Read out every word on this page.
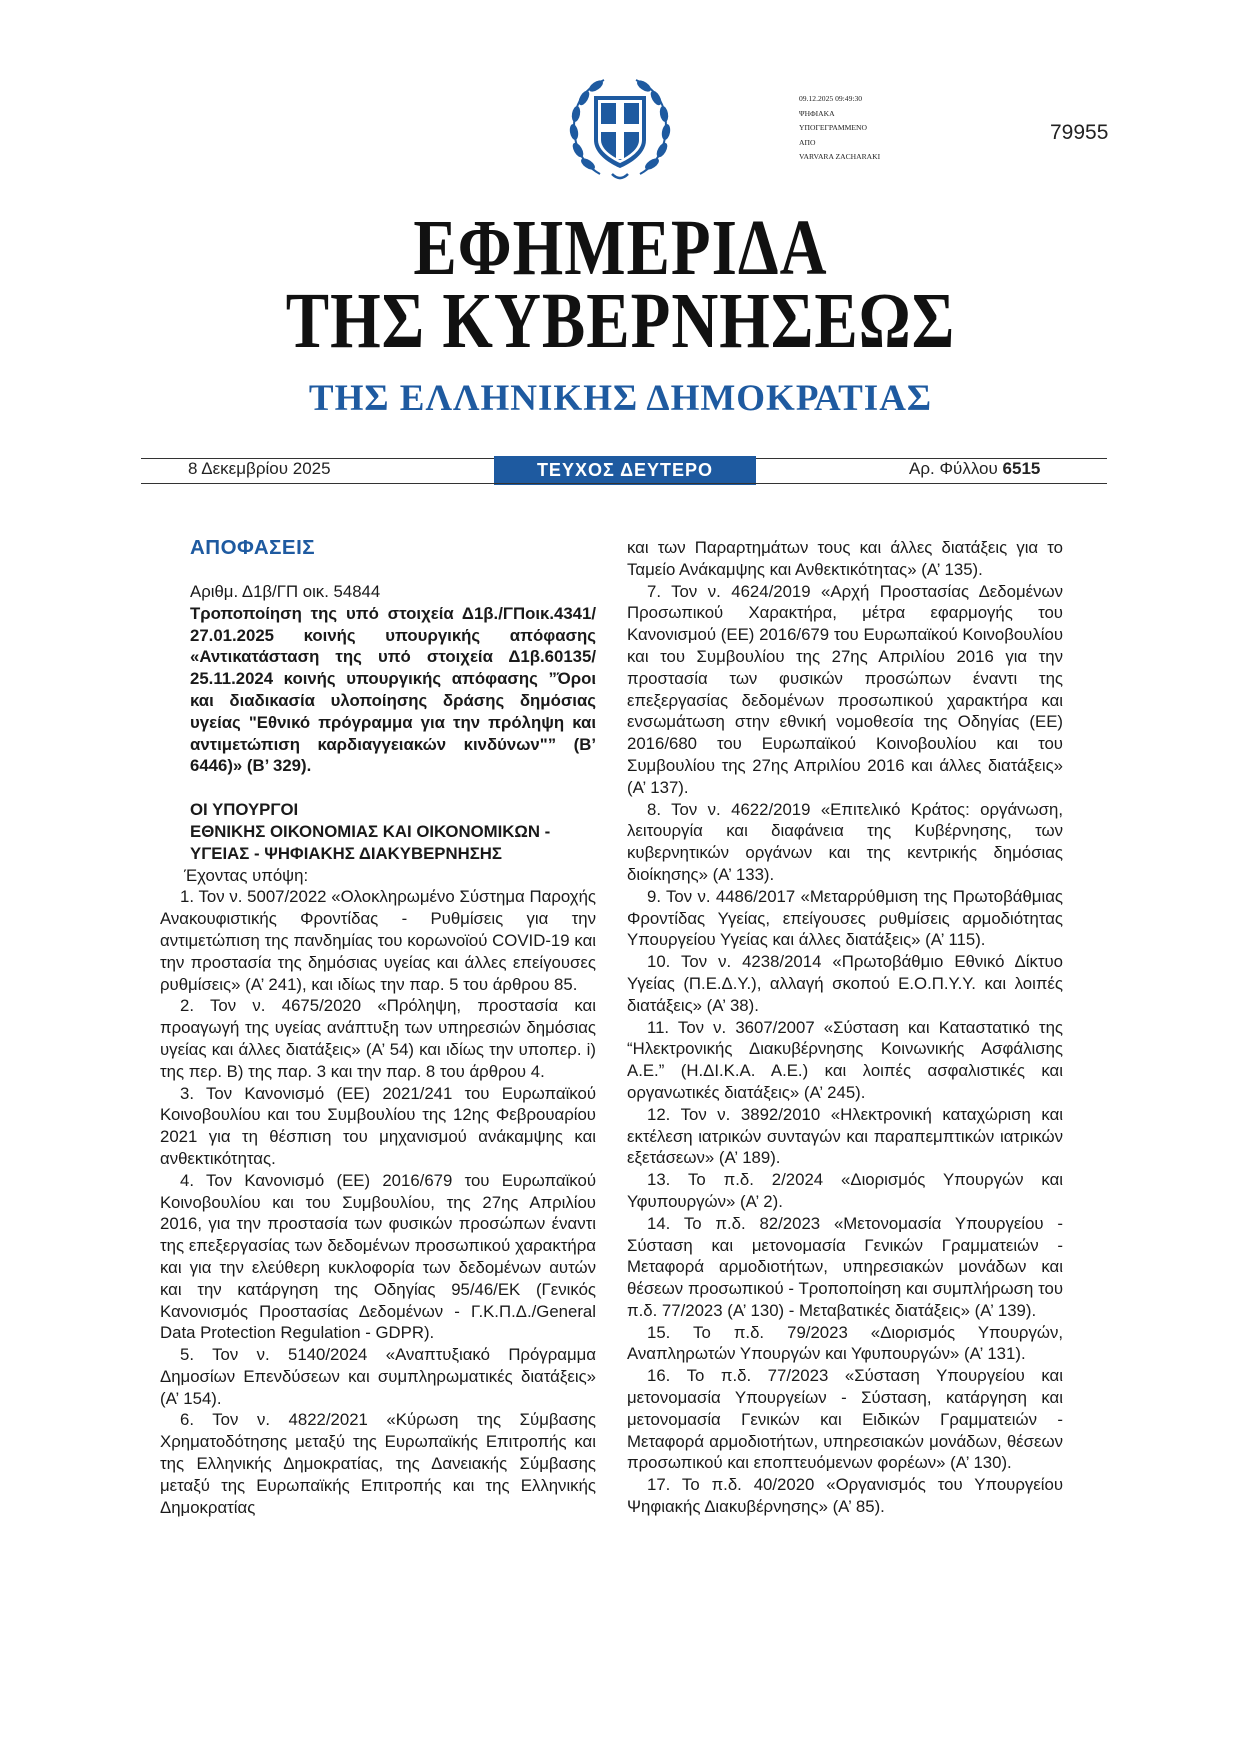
09.12.2025 09:49:30
ΨΗΦΙΑΚΑ
ΥΠΟΓΕΓΡΑΜΜΕΝΟ
ΑΠΟ
VARVARA ZACHARAKI
79955
ΕΦΗΜΕΡΙΔΑ
ΤΗΣ ΚΥΒΕΡΝΗΣΕΩΣ
ΤΗΣ ΕΛΛΗΝΙΚΗΣ ΔΗΜΟΚΡΑΤΙΑΣ
8 Δεκεμβρίου 2025	ΤΕΥΧΟΣ ΔΕΥΤΕΡΟ	Αρ. Φύλλου 6515
ΑΠΟΦΑΣΕΙΣ
Αριθμ. Δ1β/ΓΠ οικ. 54844
Τροποποίηση της υπό στοιχεία Δ1β./ΓΠοικ.4341/ 27.01.2025 κοινής υπουργικής απόφασης «Αντικατάσταση της υπό στοιχεία Δ1β.60135/ 25.11.2024 κοινής υπουργικής απόφασης ”Όροι και διαδικασία υλοποίησης δράσης δημόσιας υγείας "Εθνικό πρόγραμμα για την πρόληψη και αντιμετώπιση καρδιαγγειακών κινδύνων"” (Β’ 6446)» (Β’ 329).
ΟΙ ΥΠΟΥΡΓΟΙ
ΕΘΝΙΚΗΣ ΟΙΚΟΝΟΜΙΑΣ ΚΑΙ ΟΙΚΟΝΟΜΙΚΩΝ -
ΥΓΕΙΑΣ - ΨΗΦΙΑΚΗΣ ΔΙΑΚΥΒΕΡΝΗΣΗΣ

Έχοντας υπόψη:

1. Τον ν. 5007/2022 «Ολοκληρωμένο Σύστημα Παροχής Ανακουφιστικής Φροντίδας - Ρυθμίσεις για την αντιμετώπιση της πανδημίας του κορωνοϊού COVID-19 και την προστασία της δημόσιας υγείας και άλλες επείγουσες ρυθμίσεις» (Α’ 241), και ιδίως την παρ. 5 του άρθρου 85.

2. Τον ν. 4675/2020 «Πρόληψη, προστασία και προαγωγή της υγείας ανάπτυξη των υπηρεσιών δημόσιας υγείας και άλλες διατάξεις» (Α’ 54) και ιδίως την υποπερ. i) της περ. Β) της παρ. 3 και την παρ. 8 του άρθρου 4.

3. Τον Κανονισμό (ΕΕ) 2021/241 του Ευρωπαϊκού Κοινοβουλίου και του Συμβουλίου της 12ης Φεβρουαρίου 2021 για τη θέσπιση του μηχανισμού ανάκαμψης και ανθεκτικότητας.

4. Τον Κανονισμό (ΕΕ) 2016/679 του Ευρωπαϊκού Κοινοβουλίου και του Συμβουλίου, της 27ης Απριλίου 2016, για την προστασία των φυσικών προσώπων έναντι της επεξεργασίας των δεδομένων προσωπικού χαρακτήρα και για την ελεύθερη κυκλοφορία των δεδομένων αυτών και την κατάργηση της Οδηγίας 95/46/ΕΚ (Γενικός Κανονισμός Προστασίας Δεδομένων - Γ.Κ.Π.Δ./General Data Protection Regulation - GDPR).

5. Τον ν. 5140/2024 «Αναπτυξιακό Πρόγραμμα Δημοσίων Επενδύσεων και συμπληρωματικές διατάξεις» (Α’ 154).

6. Τον ν. 4822/2021 «Κύρωση της Σύμβασης Χρηματοδότησης μεταξύ της Ευρωπαϊκής Επιτροπής και της Ελληνικής Δημοκρατίας, της Δανειακής Σύμβασης μεταξύ της Ευρωπαϊκής Επιτροπής και της Ελληνικής Δημοκρατίας

και των Παραρτημάτων τους και άλλες διατάξεις για το Ταμείο Ανάκαμψης και Ανθεκτικότητας» (Α’ 135).

7. Τον ν. 4624/2019 «Αρχή Προστασίας Δεδομένων Προσωπικού Χαρακτήρα, μέτρα εφαρμογής του Κανονισμού (ΕΕ) 2016/679 του Ευρωπαϊκού Κοινοβουλίου και του Συμβουλίου της 27ης Απριλίου 2016 για την προστασία των φυσικών προσώπων έναντι της επεξεργασίας δεδομένων προσωπικού χαρακτήρα και ενσωμάτωση στην εθνική νομοθεσία της Οδηγίας (ΕΕ) 2016/680 του Ευρωπαϊκού Κοινοβουλίου και του Συμβουλίου της 27ης Απριλίου 2016 και άλλες διατάξεις» (Α’ 137).

8. Τον ν. 4622/2019 «Επιτελικό Κράτος: οργάνωση, λειτουργία και διαφάνεια της Κυβέρνησης, των κυβερνητικών οργάνων και της κεντρικής δημόσιας διοίκησης» (Α’ 133).

9. Τον ν. 4486/2017 «Μεταρρύθμιση της Πρωτοβάθμιας Φροντίδας Υγείας, επείγουσες ρυθμίσεις αρμοδιότητας Υπουργείου Υγείας και άλλες διατάξεις» (Α’ 115).

10. Τον ν. 4238/2014 «Πρωτοβάθμιο Εθνικό Δίκτυο Υγείας (Π.Ε.Δ.Υ.), αλλαγή σκοπού Ε.Ο.Π.Υ.Υ. και λοιπές διατάξεις» (Α’ 38).

11. Τον ν. 3607/2007 «Σύσταση και Καταστατικό της “Ηλεκτρονικής Διακυβέρνησης Κοινωνικής Ασφάλισης Α.Ε.” (Η.ΔΙ.Κ.Α. Α.Ε.) και λοιπές ασφαλιστικές και οργανωτικές διατάξεις» (Α’ 245).

12. Τον ν. 3892/2010 «Ηλεκτρονική καταχώριση και εκτέλεση ιατρικών συνταγών και παραπεμπτικών ιατρικών εξετάσεων» (Α’ 189).

13. Το π.δ. 2/2024 «Διορισμός Υπουργών και Υφυπουργών» (Α’ 2).

14. Το π.δ. 82/2023 «Μετονομασία Υπουργείου - Σύσταση και μετονομασία Γενικών Γραμματειών - Μεταφορά αρμοδιοτήτων, υπηρεσιακών μονάδων και θέσεων προσωπικού - Τροποποίηση και συμπλήρωση του π.δ. 77/2023 (Α’ 130) - Μεταβατικές διατάξεις» (Α’ 139).

15. Το π.δ. 79/2023 «Διορισμός Υπουργών, Αναπληρωτών Υπουργών και Υφυπουργών» (Α’ 131).

16. Το π.δ. 77/2023 «Σύσταση Υπουργείου και μετονομασία Υπουργείων - Σύσταση, κατάργηση και μετονομασία Γενικών και Ειδικών Γραμματειών - Μεταφορά αρμοδιοτήτων, υπηρεσιακών μονάδων, θέσεων προσωπικού και εποπτευόμενων φορέων» (Α’ 130).

17. Το π.δ. 40/2020 «Οργανισμός του Υπουργείου Ψηφιακής Διακυβέρνησης» (Α’ 85).
